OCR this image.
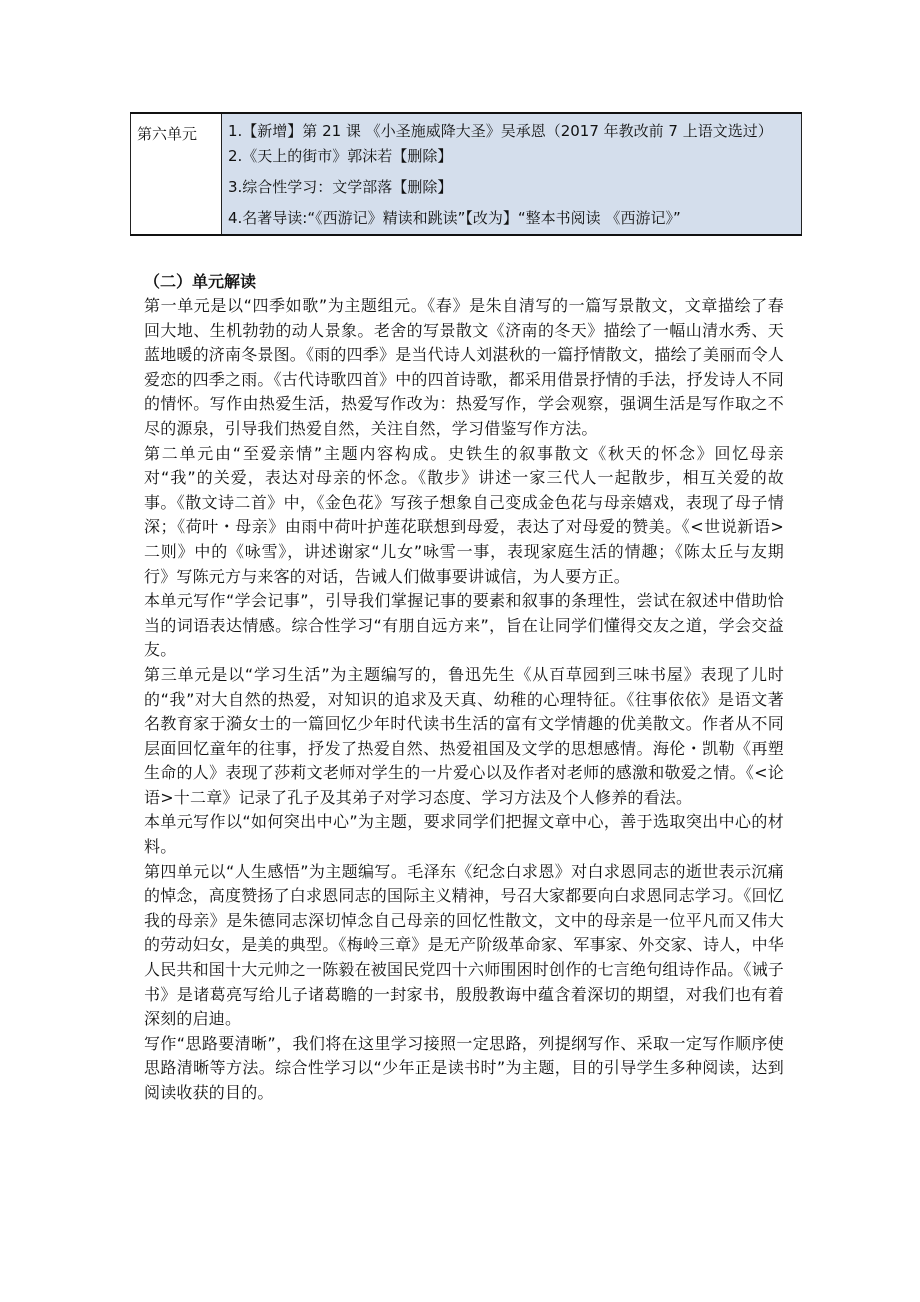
第六单元	1.【新增】第 21 课 《小圣施威降大圣》吴承恩（2017 年教改前 7 上语文选过）
2.《天上的街市》郭沫若【删除】
3.综合性学习：文学部落【删除】
4.名著导读:“《西游记》精读和跳读”【改为】“整本书阅读 《西游记》”
（二）单元解读

第一单元是以“四季如歌”为主题组元。《春》是朱自清写的一篇写景散文，文章描绘了春回大地、生机勃勃的动人景象。老舍的写景散文《济南的冬天》描绘了一幅山清水秀、天蓝地暖的济南冬景图。《雨的四季》是当代诗人刘湛秋的一篇抒情散文，描绘了美丽而令人爱恋的四季之雨。《古代诗歌四首》中的四首诗歌，都采用借景抒情的手法，抒发诗人不同的情怀。写作由热爱生活，热爱写作改为：热爱写作，学会观察，强调生活是写作取之不尽的源泉，引导我们热爱自然，关注自然，学习借鉴写作方法。

第二单元由“至爱亲情”主题内容构成。史铁生的叙事散文《秋天的怀念》回忆母亲对“我”的关爱，表达对母亲的怀念。《散步》讲述一家三代人一起散步，相互关爱的故事。《散文诗二首》中，《金色花》写孩子想象自己变成金色花与母亲嬉戏，表现了母子情深；《荷叶・母亲》由雨中荷叶护莲花联想到母爱，表达了对母爱的赞美。《<世说新语>二则》中的《咏雪》，讲述谢家“儿女”咏雪一事，表现家庭生活的情趣；《陈太丘与友期行》写陈元方与来客的对话，告诫人们做事要讲诚信，为人要方正。

本单元写作“学会记事”，引导我们掌握记事的要素和叙事的条理性，尝试在叙述中借助恰当的词语表达情感。综合性学习“有朋自远方来”，旨在让同学们懂得交友之道，学会交益友。

第三单元是以“学习生活”为主题编写的，鲁迅先生《从百草园到三味书屋》表现了儿时的“我”对大自然的热爱，对知识的追求及天真、幼稚的心理特征。《往事依依》是语文著名教育家于漪女士的一篇回忆少年时代读书生活的富有文学情趣的优美散文。作者从不同层面回忆童年的往事，抒发了热爱自然、热爱祖国及文学的思想感情。海伦・凯勒《再塑生命的人》表现了莎莉文老师对学生的一片爱心以及作者对老师的感激和敬爱之情。《<论语>十二章》记录了孔子及其弟子对学习态度、学习方法及个人修养的看法。

本单元写作以“如何突出中心”为主题，要求同学们把握文章中心，善于选取突出中心的材料。

第四单元以“人生感悟”为主题编写。毛泽东《纪念白求恩》对白求恩同志的逝世表示沉痛的悼念，高度赞扬了白求恩同志的国际主义精神，号召大家都要向白求恩同志学习。《回忆我的母亲》是朱德同志深切悼念自己母亲的回忆性散文，文中的母亲是一位平凡而又伟大的劳动妇女，是美的典型。《梅岭三章》是无产阶级革命家、军事家、外交家、诗人，中华人民共和国十大元帅之一陈毅在被国民党四十六师围困时创作的七言绝句组诗作品。《诫子书》是诸葛亮写给儿子诸葛瞻的一封家书，殷殷教诲中蕴含着深切的期望，对我们也有着深刻的启迪。

写作“思路要清晰”，我们将在这里学习接照一定思路，列提纲写作、采取一定写作顺序使思路清晰等方法。综合性学习以“少年正是读书时”为主题，目的引导学生多种阅读，达到阅读收获的目的。
